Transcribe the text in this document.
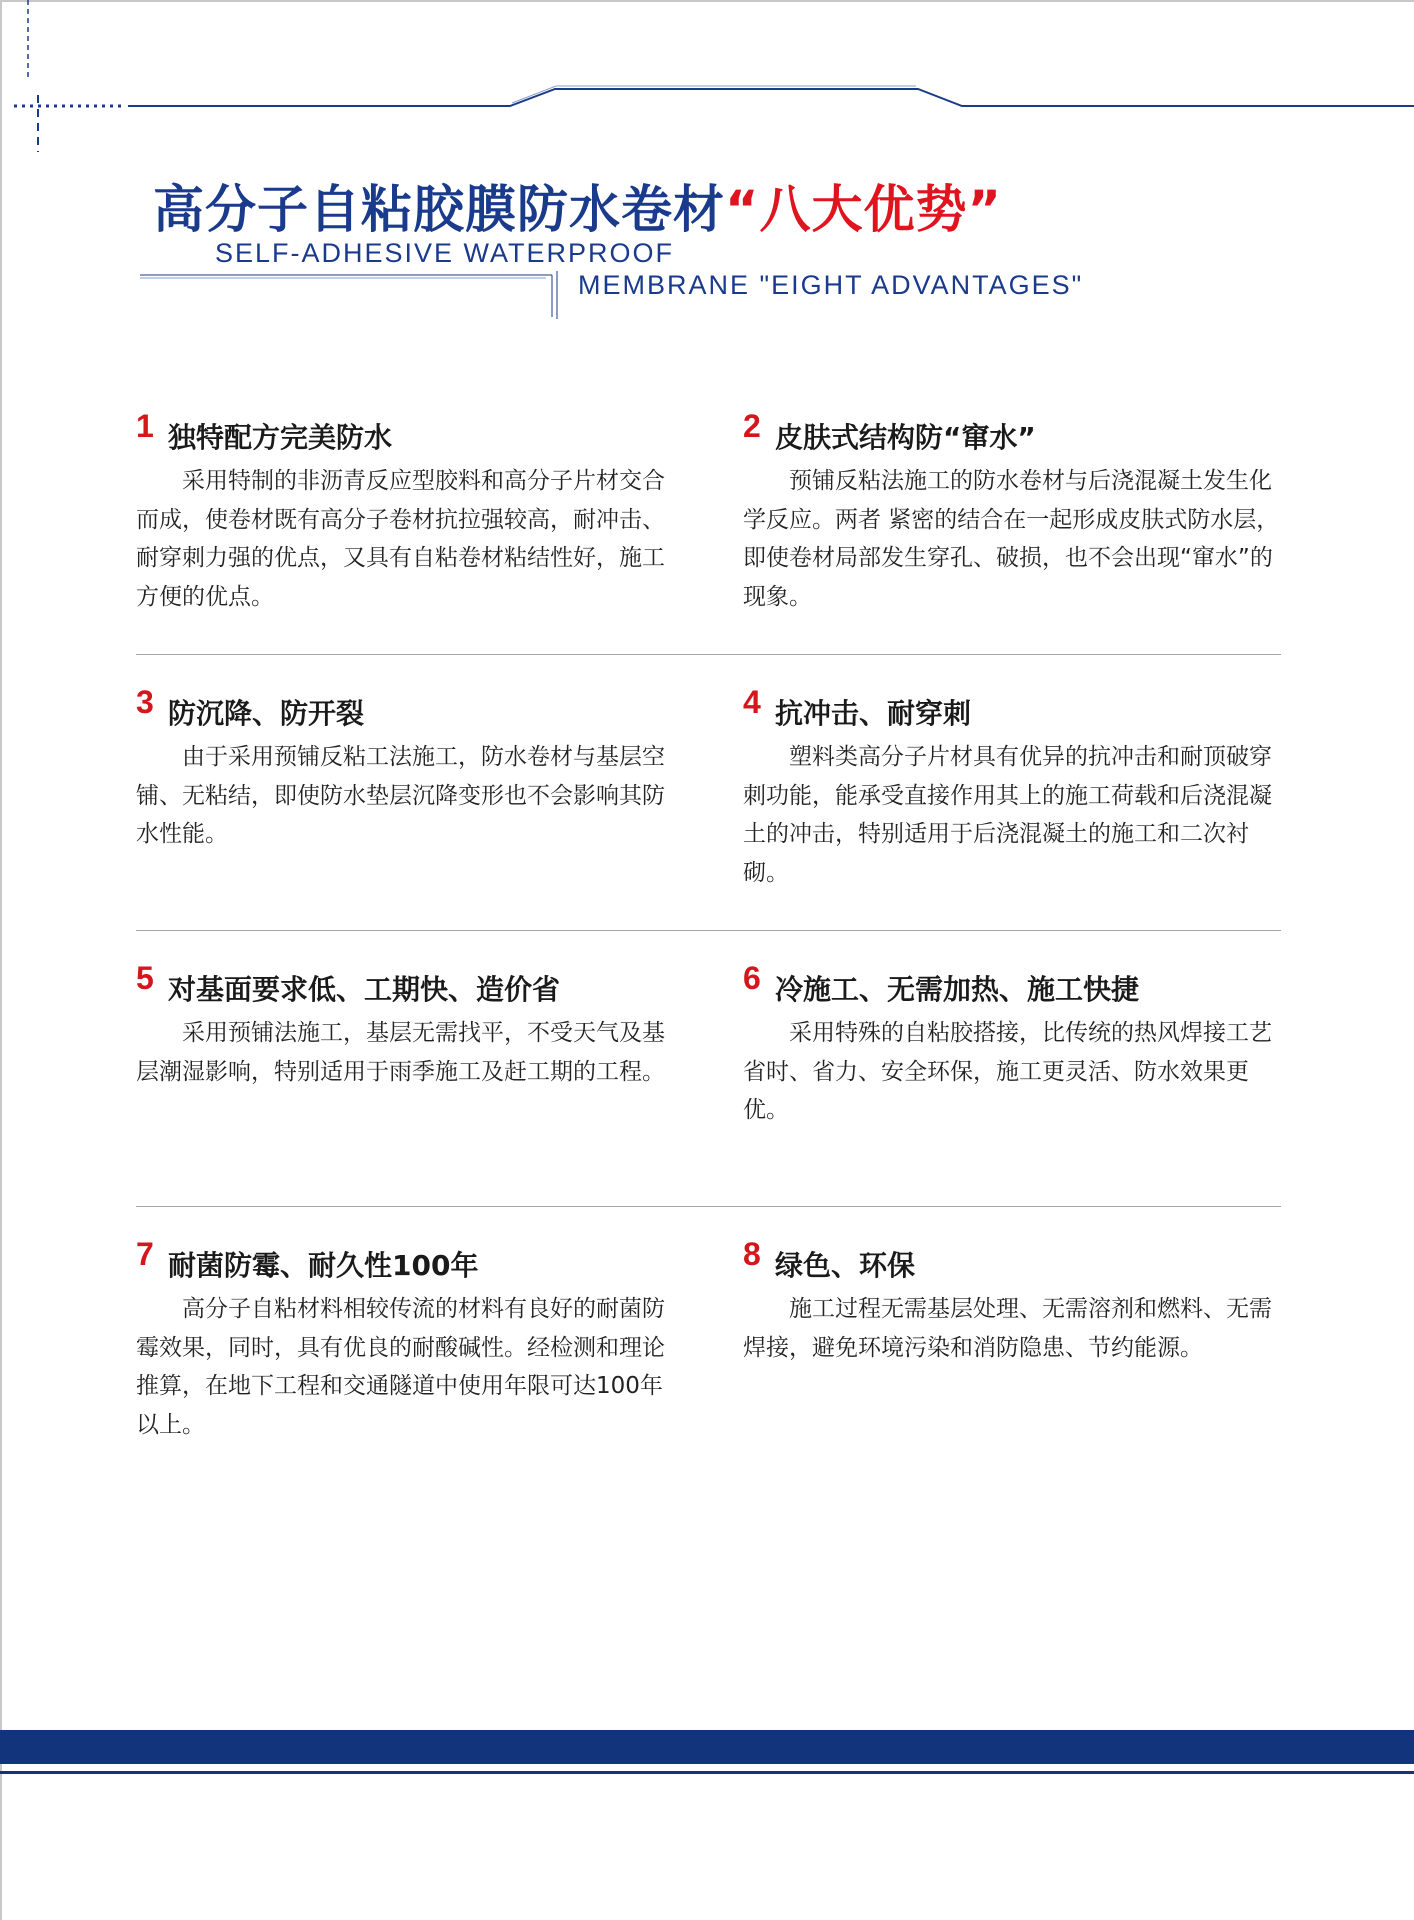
高分子自粘胶膜防水卷材“八大优势”

SELF-ADHESIVE WATERPROOF

MEMBRANE "EIGHT ADVANTAGES"

1 独特配方完美防水

采用特制的非沥青反应型胶料和高分子片材交合而成，使卷材既有高分子卷材抗拉强较高，耐冲击、耐穿刺力强的优点，又具有自粘卷材粘结性好，施工方便的优点。

2 皮肤式结构防“窜水”

预铺反粘法施工的防水卷材与后浇混凝土发生化学反应。两者 紧密的结合在一起形成皮肤式防水层，即使卷材局部发生穿孔、破损，也不会出现“窜水”的现象。

3 防沉降、防开裂

由于采用预铺反粘工法施工，防水卷材与基层空铺、无粘结，即使防水垫层沉降变形也不会影响其防水性能。

4 抗冲击、耐穿刺

塑料类高分子片材具有优异的抗冲击和耐顶破穿刺功能，能承受直接作用其上的施工荷载和后浇混凝土的冲击，特别适用于后浇混凝土的施工和二次衬砌。

5 对基面要求低、工期快、造价省

采用预铺法施工，基层无需找平，不受天气及基层潮湿影响，特别适用于雨季施工及赶工期的工程。

6 冷施工、无需加热、施工快捷

采用特殊的自粘胶搭接，比传统的热风焊接工艺省时、省力、安全环保，施工更灵活、防水效果更优。

7 耐菌防霉、耐久性100年

高分子自粘材料相较传流的材料有良好的耐菌防霉效果，同时，具有优良的耐酸碱性。经检测和理论推算，在地下工程和交通隧道中使用年限可达100年以上。

8 绿色、环保

施工过程无需基层处理、无需溶剂和燃料、无需焊接，避免环境污染和消防隐患、节约能源。
